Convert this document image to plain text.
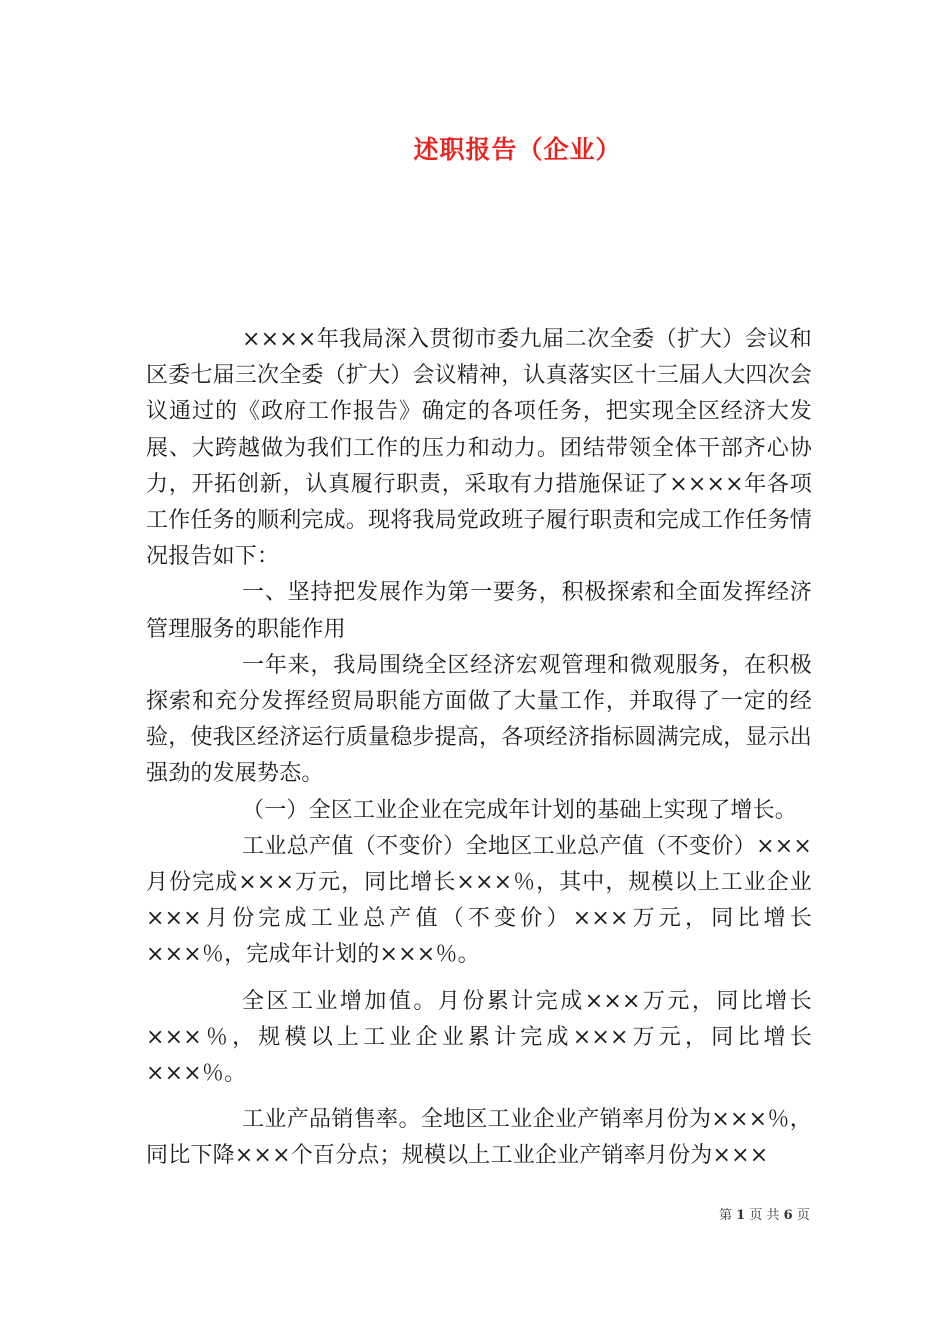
述职报告（企业）

××××年我局深入贯彻市委九届二次全委（扩大）会议和区委七届三次全委（扩大）会议精神，认真落实区十三届人大四次会议通过的《政府工作报告》确定的各项任务，把实现全区经济大发展、大跨越做为我们工作的压力和动力。团结带领全体干部齐心协力，开拓创新，认真履行职责，采取有力措施保证了××××年各项工作任务的顺利完成。现将我局党政班子履行职责和完成工作任务情况报告如下：

一、坚持把发展作为第一要务，积极探索和全面发挥经济管理服务的职能作用

一年来，我局围绕全区经济宏观管理和微观服务，在积极探索和充分发挥经贸局职能方面做了大量工作，并取得了一定的经验，使我区经济运行质量稳步提高，各项经济指标圆满完成，显示出强劲的发展势态。

（一）全区工业企业在完成年计划的基础上实现了增长。

工业总产值（不变价）全地区工业总产值（不变价）×××月份完成×××万元，同比增长×××％，其中，规模以上工业企业×××月份完成工业总产值（不变价）×××万元，同比增长×××％，完成年计划的×××％。

全区工业增加值。月份累计完成×××万元，同比增长×××％，规模以上工业企业累计完成×××万元，同比增长×××％。

工业产品销售率。全地区工业企业产销率月份为×××％，同比下降×××个百分点；规模以上工业企业产销率月份为×××

第 1 页 共 6 页
